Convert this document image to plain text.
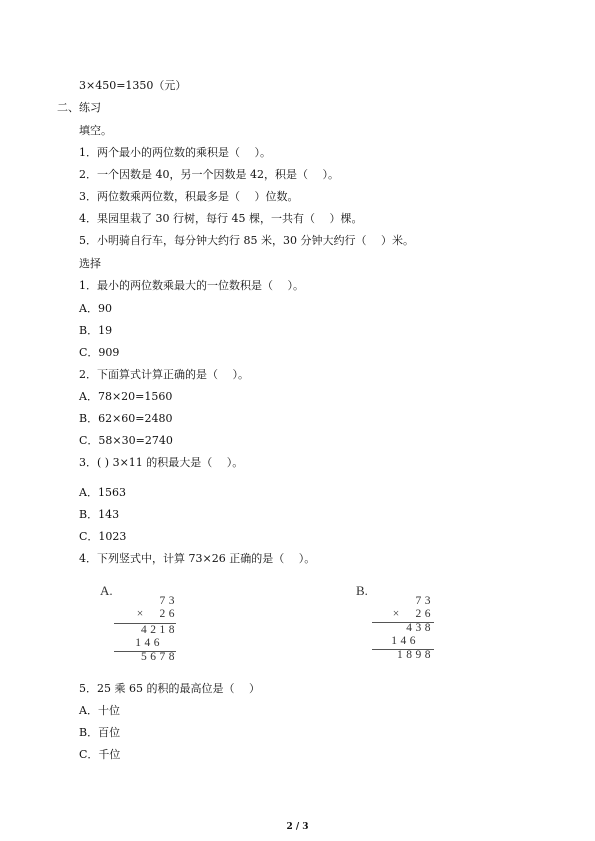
3×450=1350（元）
二、练习
填空。
1．两个最小的两位数的乘积是（　 ）。
2．一个因数是 40，另一个因数是 42，积是（　 ）。
3．两位数乘两位数，积最多是（　 ）位数。
4．果园里栽了 30 行树，每行 45 棵，一共有（　 ）棵。
5．小明骑自行车，每分钟大约行 85 米，30 分钟大约行（　 ）米。
选择
1．最小的两位数乘最大的一位数积是（　 ）。
A．90
B．19
C．909
2．下面算式计算正确的是（　 ）。
A．78×20=1560
B．62×60=2480
C．58×30=2740
3．( ) 3×11 的积最大是（　 ）。
A．1563
B．143
C．1023
4．下列竖式中，计算 73×26 正确的是（　 ）。
A.
73
×  26
4218
146
5678
B.
73
×  26
438
146
1898
5．25 乘 65 的积的最高位是（　 ）
A．十位
B．百位
C．千位
2 / 3
